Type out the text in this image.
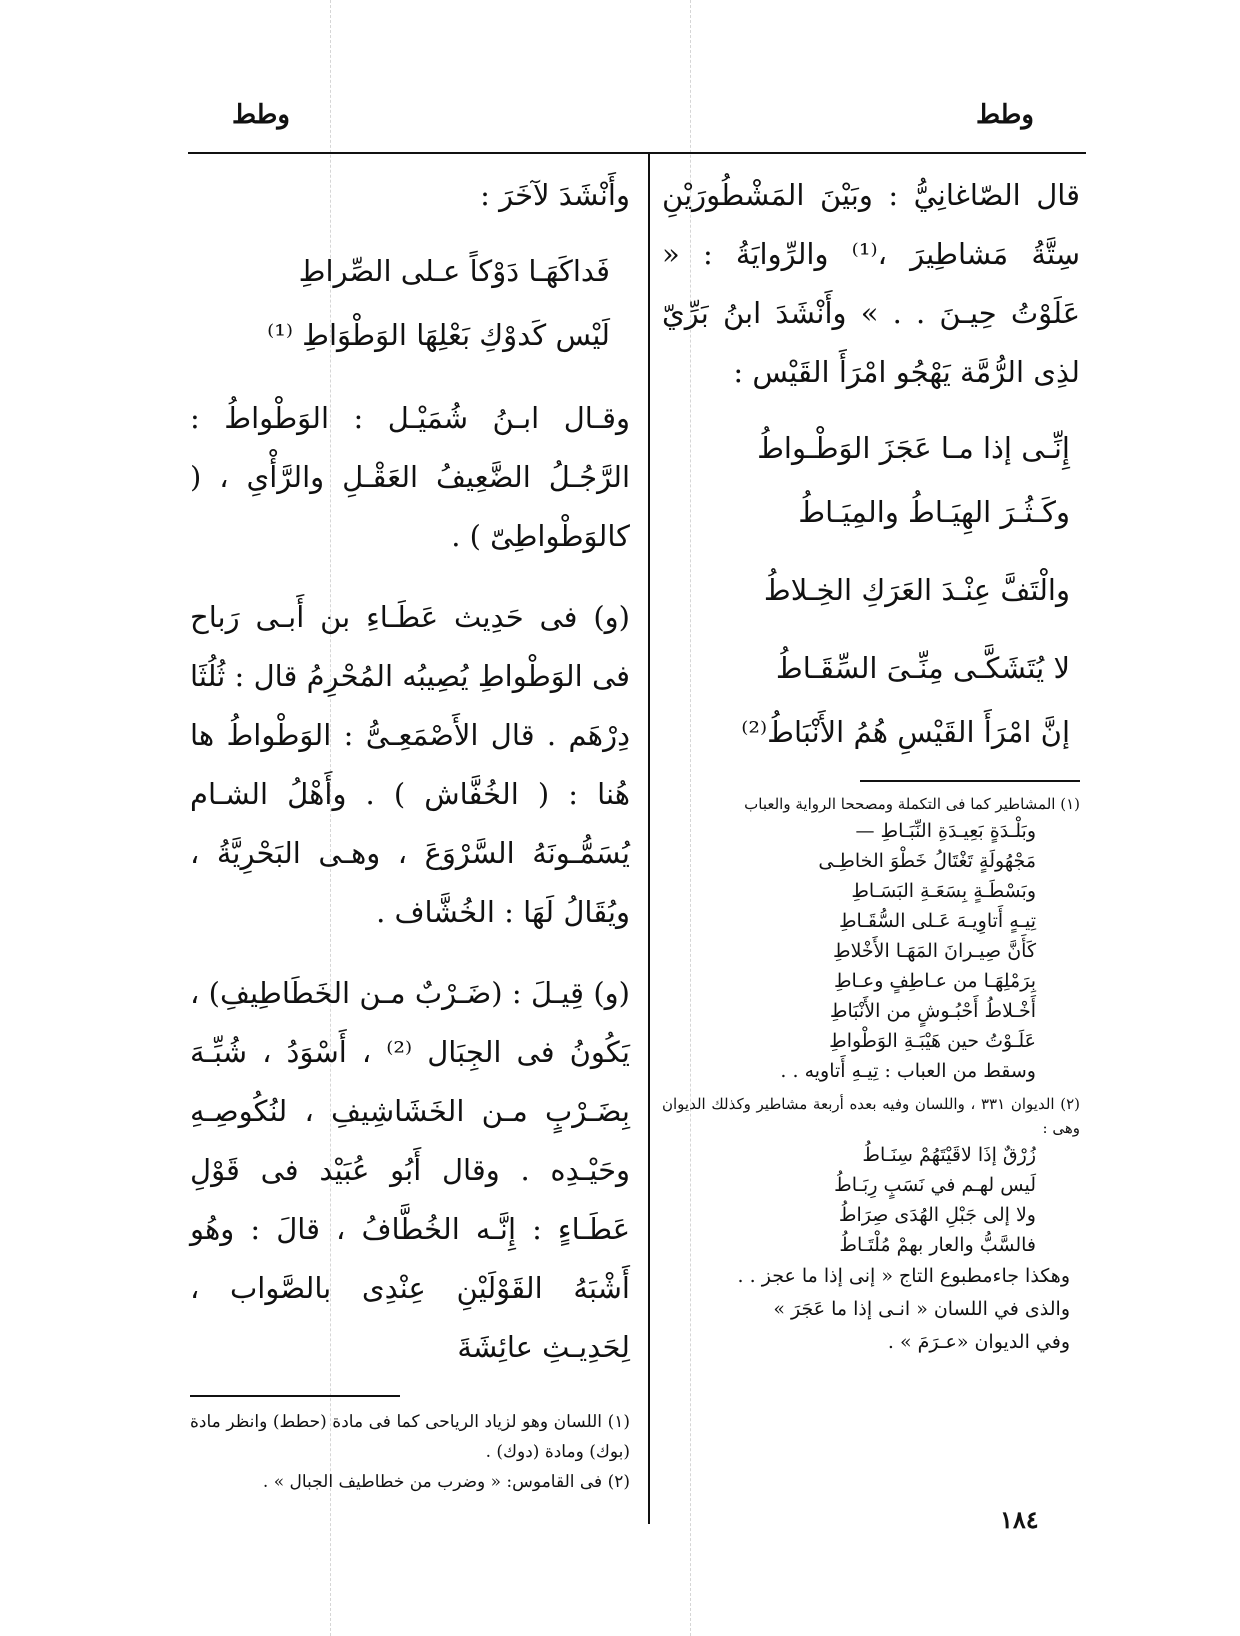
وطط
وطط

قال الصّاغانِيُّ : وبَيْنَ المَشْطُورَيْنِ سِتَّةُ مَشاطِيرَ ،⁽¹⁾ والرِّوايَةُ : « عَلَوْتُ حِيـنَ . . » وأَنْشَدَ ابنُ بَرِّيّ لذِى الرُّمَّة يَهْجُو امْرَأَ القَيْس :

إِنِّـى إذا مـا عَجَزَ الوَطْـواطُ

وكَـثُـرَ الهِيَـاطُ والمِيَـاطُ

والْتَفَّ عِنْـدَ العَرَكِ الخِـلاطُ

لا يُتَشَكَّـى مِنِّـىَ السِّقَـاطُ

إنَّ امْرَأَ القَيْسِ هُمُ الأَنْبَاطُ⁽²⁾

(١) المشاطير كما فى التكملة ومصححا الرواية والعباب

وبَلْـدَةٍ بَعِيـدَةِ النِّبَـاطِ —

مَجْهُولَةٍ تَغْتَالُ خَطْوَ الخاطِـى

وبَسْطَـةٍ بِسَعَـةِ البَسَـاطِ

تِيـهٍ أَتاوِيـهَ عَـلى السُّقَـاطِ

كَأَنَّ صِيـرانَ المَهَـا الأَخْلاطِ

بِرَمْلِهَـا من عـاطِفٍ وعـاطِ

أَخْـلاطُ أَحْبُـوشٍ من الأَنْبَاطِ

عَلَـوْتُ حين هَيْبَـةِ الوَطْواطِ

وسقط من العباب : تِيـهِ أَتاويه . .

(٢) الديوان ٣٣١ ، واللسان وفيه بعده أربعة مشاطير وكذلك الديوان وهى :

زُرْقٌ إذَا لاقَيْتَهُمْ سِنَـاطُ

لَيس لهـم في نَسَبٍ رِبَـاطُ

ولا إلى جَبْلِ الهُدَى صِرَاطُ

فالسَّبُّ والعار بهمْ مُلْتَـاطُ

وهكذا جاءمطبوع التاج « إنى إذا ما عجز . .

والذى في اللسان « انـى إذا ما عَجَرَ »

وفي الديوان «عـرَمَ » .

وأَنْشَدَ لآخَرَ :

فَداكَهَـا دَوْكاً عـلى الصِّراطِ

لَيْس كَدوْكِ بَعْلِهَا الوَطْوَاطِ ⁽¹⁾

وقـال ابـنُ شُمَيْـل : الوَطْواطُ : الرَّجُـلُ الضَّعِيفُ العَقْـلِ والرَّأْىِ ، ( كالوَطْواطِىّ ) .

(و) فى حَدِيث عَطَـاءِ بن أَبـى رَباح فى الوَطْواطِ يُصِيبُه المُحْرِمُ قال : ثُلُثَا دِرْهَم . قال الأَصْمَعِـىُّ : الوَطْواطُ ها هُنا : ( الخُفَّاش ) . وأَهْلُ الشـام يُسَمُّـونَهُ السَّرْوَعَ ، وهـى البَحْرِيَّةُ ، ويُقَالُ لَهَا : الخُشَّاف .

(و) قِيـلَ : (ضَـرْبٌ مـن الخَطَاطِيفِ) ، يَكُونُ فى الجِبَال ⁽²⁾ ، أَسْوَدُ ، شُبِّـهَ بِضَـرْبٍ مـن الخَشَاشِيفِ ، لنُكُوصِـهِ وحَيْـدِه . وقال أَبُو عُبَيْد فى قَوْلِ عَطَـاءٍ : إِنَّـه الخُطَّافُ ، قالَ : وهُو أَشْبَهُ القَوْلَيْنِ عِنْدِى بالصَّواب ، لِحَدِيـثِ عائِشَةَ

(١) اللسان وهو لزياد الرياحى كما فى مادة (حطط) وانظر مادة (بوك) ومادة (دوك) .

(٢) فى القاموس: « وضرب من خطاطيف الجبال » .

١٨٤
